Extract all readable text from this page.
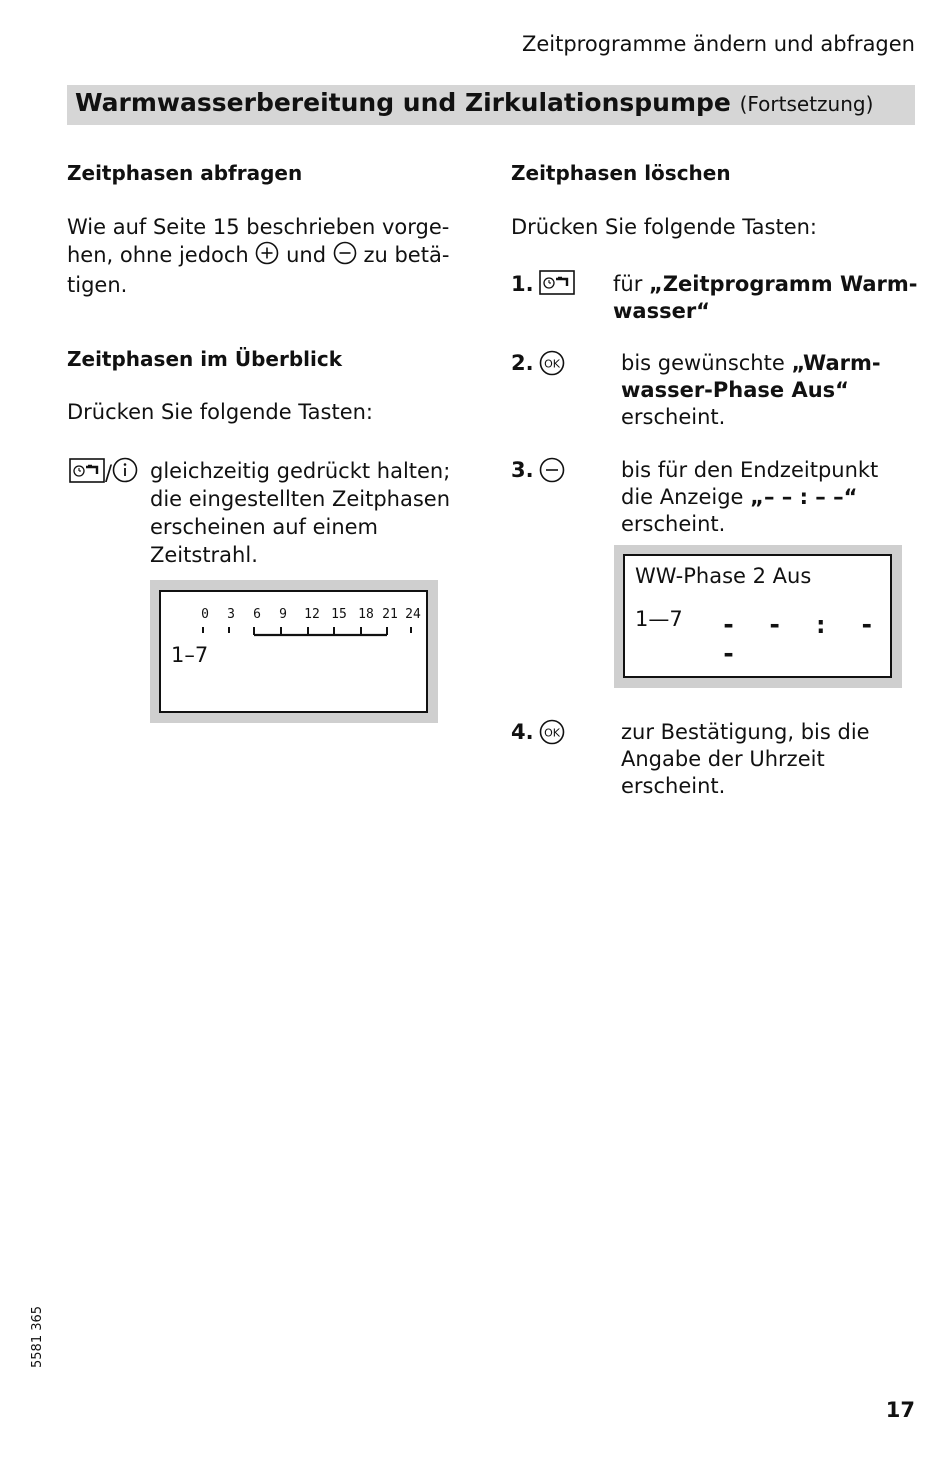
Zeitprogramme ändern und abfragen
Warmwasserbereitung und Zirkulationspumpe (Fortsetzung)
Zeitphasen abfragen
Wie auf Seite 15 beschrieben vorge-
hen, ohne jedoch und zu betä-
tigen.
Zeitphasen im Überblick
Drücken Sie folgende Tasten:
/	gleichzeitig gedrückt halten;
die eingestellten Zeitphasen
erscheinen auf einem
Zeitstrahl.
0 3 6 9 12 15 18 21 24
1–7
Zeitphasen löschen
Drücken Sie folgende Tasten:
1.	für „Zeitprogramm Warm-
wasser“
2. OK	bis gewünschte „Warm-
wasser-Phase Aus“
erscheint.
3.	bis für den Endzeitpunkt
die Anzeige „– – : – –“
erscheint.
WW-Phase 2 Aus
1—7 - - : - -
4. OK	zur Bestätigung, bis die
Angabe der Uhrzeit
erscheint.
5581 365
17
